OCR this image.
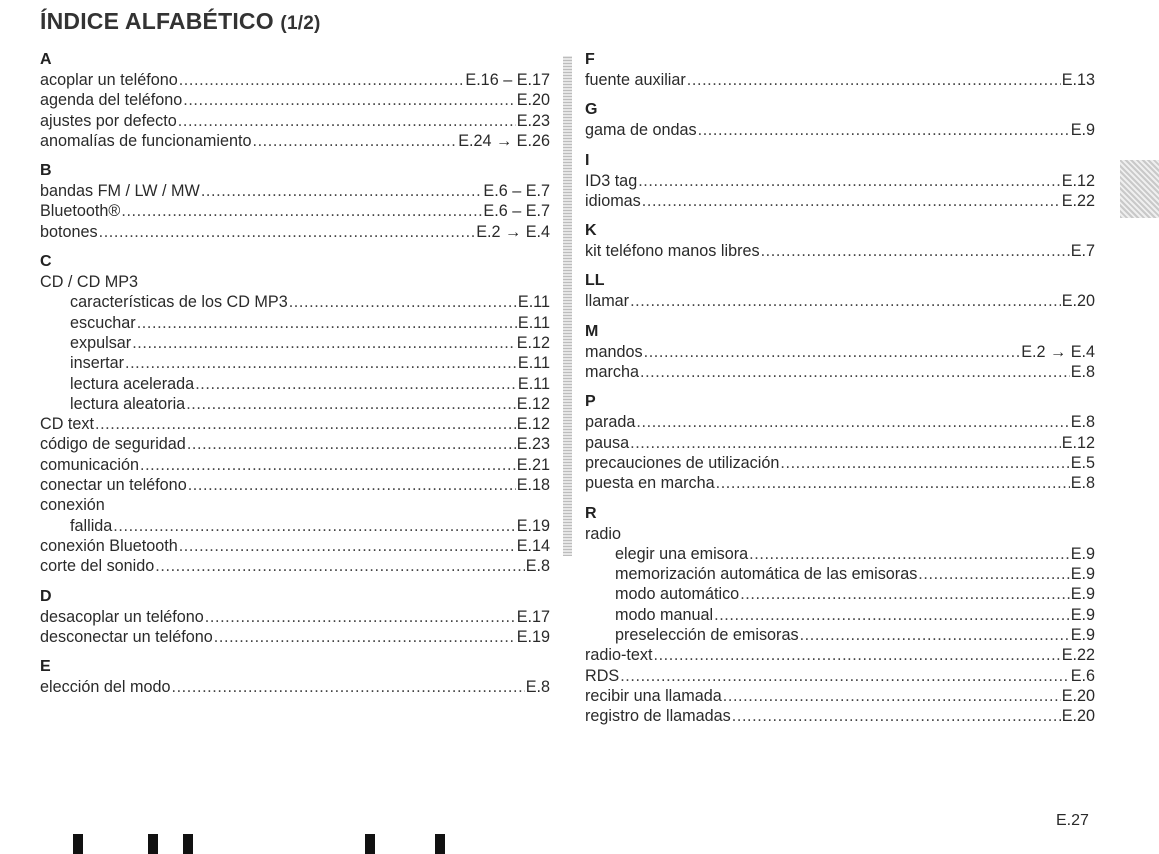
ÍNDICE ALFABÉTICO (1/2)
A
acoplar un teléfono .....	E.16 – E.17
agenda del teléfono .....	E.20
ajustes por defecto .....	E.23
anomalías de funcionamiento .....	E.24 → E.26
B
bandas FM / LW / MW .....	E.6 – E.7
Bluetooth® .....	E.6 – E.7
botones .....	E.2 → E.4
C
CD / CD MP3
características de los CD MP3 .....	E.11
escuchar .....	E.11
expulsar .....	E.12
insertar .....	E.11
lectura acelerada .....	E.11
lectura aleatoria .....	E.12
CD text .....	E.12
código de seguridad .....	E.23
comunicación .....	E.21
conectar un teléfono .....	E.18
conexión
fallida .....	E.19
conexión Bluetooth .....	E.14
corte del sonido .....	E.8
D
desacoplar un teléfono .....	E.17
desconectar un teléfono .....	E.19
E
elección del modo .....	E.8
F
fuente auxiliar .....	E.13
G
gama de ondas .....	E.9
I
ID3 tag .....	E.12
idiomas .....	E.22
K
kit teléfono manos libres .....	E.7
LL
llamar .....	E.20
M
mandos .....	E.2 → E.4
marcha .....	E.8
P
parada .....	E.8
pausa .....	E.12
precauciones de utilización .....	E.5
puesta en marcha .....	E.8
R
radio
elegir una emisora .....	E.9
memorización automática de las emisoras .....	E.9
modo automático .....	E.9
modo manual .....	E.9
preselección de emisoras .....	E.9
radio-text .....	E.22
RDS .....	E.6
recibir una llamada .....	E.20
registro de llamadas .....	E.20
E.27
